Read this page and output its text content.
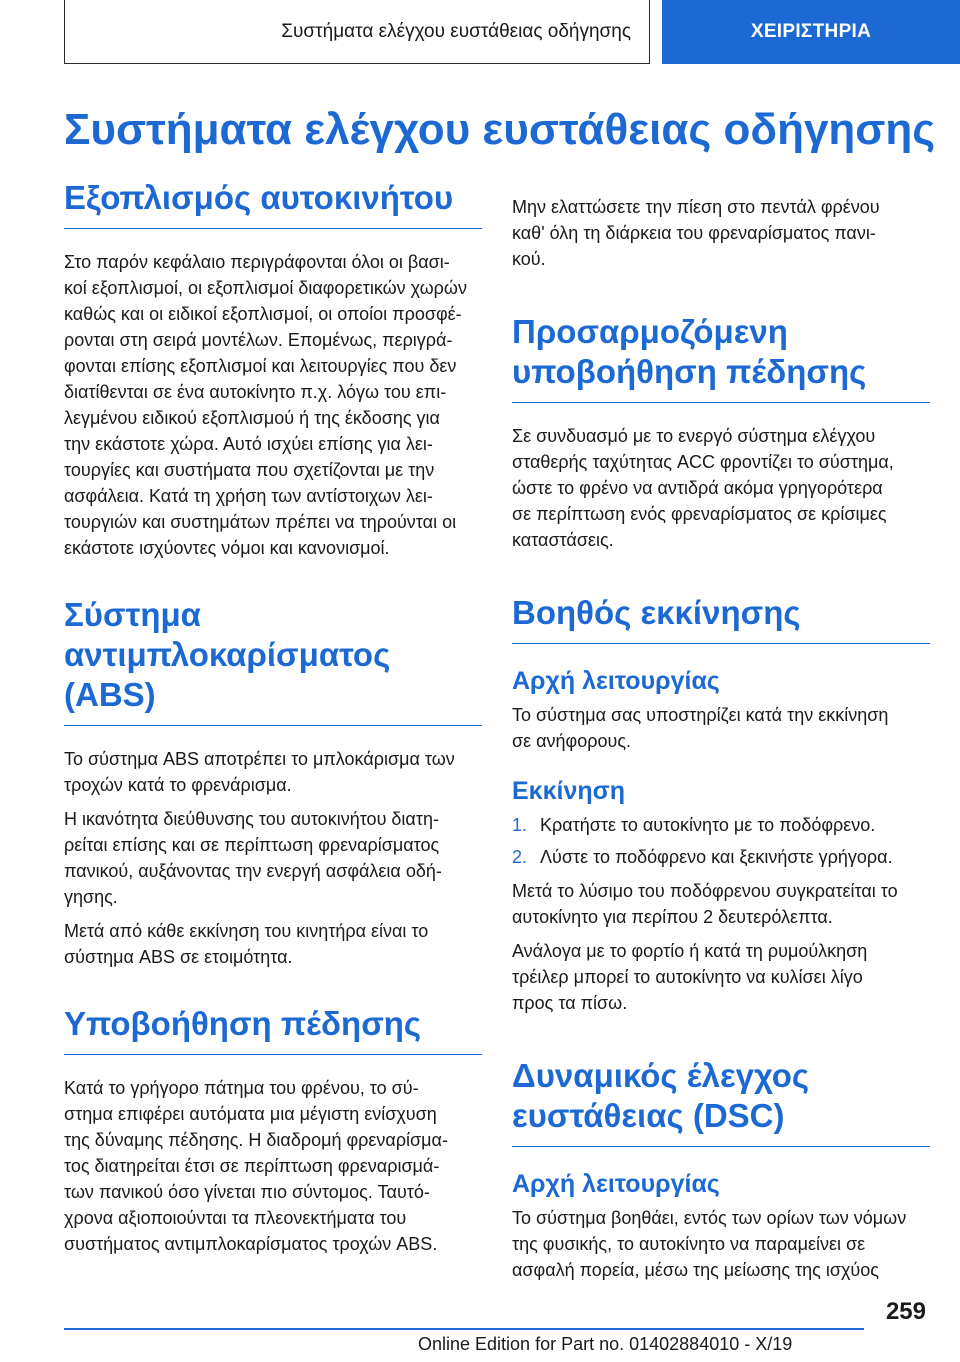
Συστήματα ελέγχου ευστάθειας οδήγησης	ΧΕΙΡΙΣΤΗΡΙΑ
Συστήματα ελέγχου ευστάθειας οδήγησης
Εξοπλισμός αυτοκινήτου
Στο παρόν κεφάλαιο περιγράφονται όλοι οι βασι‐
κοί εξοπλισμοί, οι εξοπλισμοί διαφορετικών χωρών
καθώς και οι ειδικοί εξοπλισμοί, οι οποίοι προσφέ‐
ρονται στη σειρά μοντέλων. Επομένως, περιγρά‐
φονται επίσης εξοπλισμοί και λειτουργίες που δεν
διατίθενται σε ένα αυτοκίνητο π.χ. λόγω του επι‐
λεγμένου ειδικού εξοπλισμού ή της έκδοσης για
την εκάστοτε χώρα. Αυτό ισχύει επίσης για λει‐
τουργίες και συστήματα που σχετίζονται με την
ασφάλεια. Κατά τη χρήση των αντίστοιχων λει‐
τουργιών και συστημάτων πρέπει να τηρούνται οι
εκάστοτε ισχύοντες νόμοι και κανονισμοί.
Σύστημα
αντιμπλοκαρίσματος
(ABS)
Το σύστημα ABS αποτρέπει το μπλοκάρισμα των
τροχών κατά το φρενάρισμα.
Η ικανότητα διεύθυνσης του αυτοκινήτου διατη‐
ρείται επίσης και σε περίπτωση φρεναρίσματος
πανικού, αυξάνοντας την ενεργή ασφάλεια οδή‐
γησης.
Μετά από κάθε εκκίνηση του κινητήρα είναι το
σύστημα ABS σε ετοιμότητα.
Υποβοήθηση πέδησης
Κατά το γρήγορο πάτημα του φρένου, το σύ‐
στημα επιφέρει αυτόματα μια μέγιστη ενίσχυση
της δύναμης πέδησης. Η διαδρομή φρεναρίσμα‐
τος διατηρείται έτσι σε περίπτωση φρεναρισμά‐
των πανικού όσο γίνεται πιο σύντομος. Ταυτό‐
χρονα αξιοποιούνται τα πλεονεκτήματα του
συστήματος αντιμπλοκαρίσματος τροχών ABS.
Μην ελαττώσετε την πίεση στο πεντάλ φρένου
καθ' όλη τη διάρκεια του φρεναρίσματος πανι‐
κού.
Προσαρμοζόμενη
υποβοήθηση πέδησης
Σε συνδυασμό με το ενεργό σύστημα ελέγχου
σταθερής ταχύτητας ACC φροντίζει το σύστημα,
ώστε το φρένο να αντιδρά ακόμα γρηγορότερα
σε περίπτωση ενός φρεναρίσματος σε κρίσιμες
καταστάσεις.
Βοηθός εκκίνησης
Αρχή λειτουργίας
Το σύστημα σας υποστηρίζει κατά την εκκίνηση
σε ανήφορους.
Εκκίνηση
1. Κρατήστε το αυτοκίνητο με το ποδόφρενο.
2. Λύστε το ποδόφρενο και ξεκινήστε γρήγορα.
Μετά το λύσιμο του ποδόφρενου συγκρατείται το
αυτοκίνητο για περίπου 2 δευτερόλεπτα.
Ανάλογα με το φορτίο ή κατά τη ρυμούλκηση
τρέιλερ μπορεί το αυτοκίνητο να κυλίσει λίγο
προς τα πίσω.
Δυναμικός έλεγχος
ευστάθειας (DSC)
Αρχή λειτουργίας
Το σύστημα βοηθάει, εντός των ορίων των νόμων
της φυσικής, το αυτοκίνητο να παραμείνει σε
ασφαλή πορεία, μέσω της μείωσης της ισχύος
259
Online Edition for Part no. 01402884010 - X/19
